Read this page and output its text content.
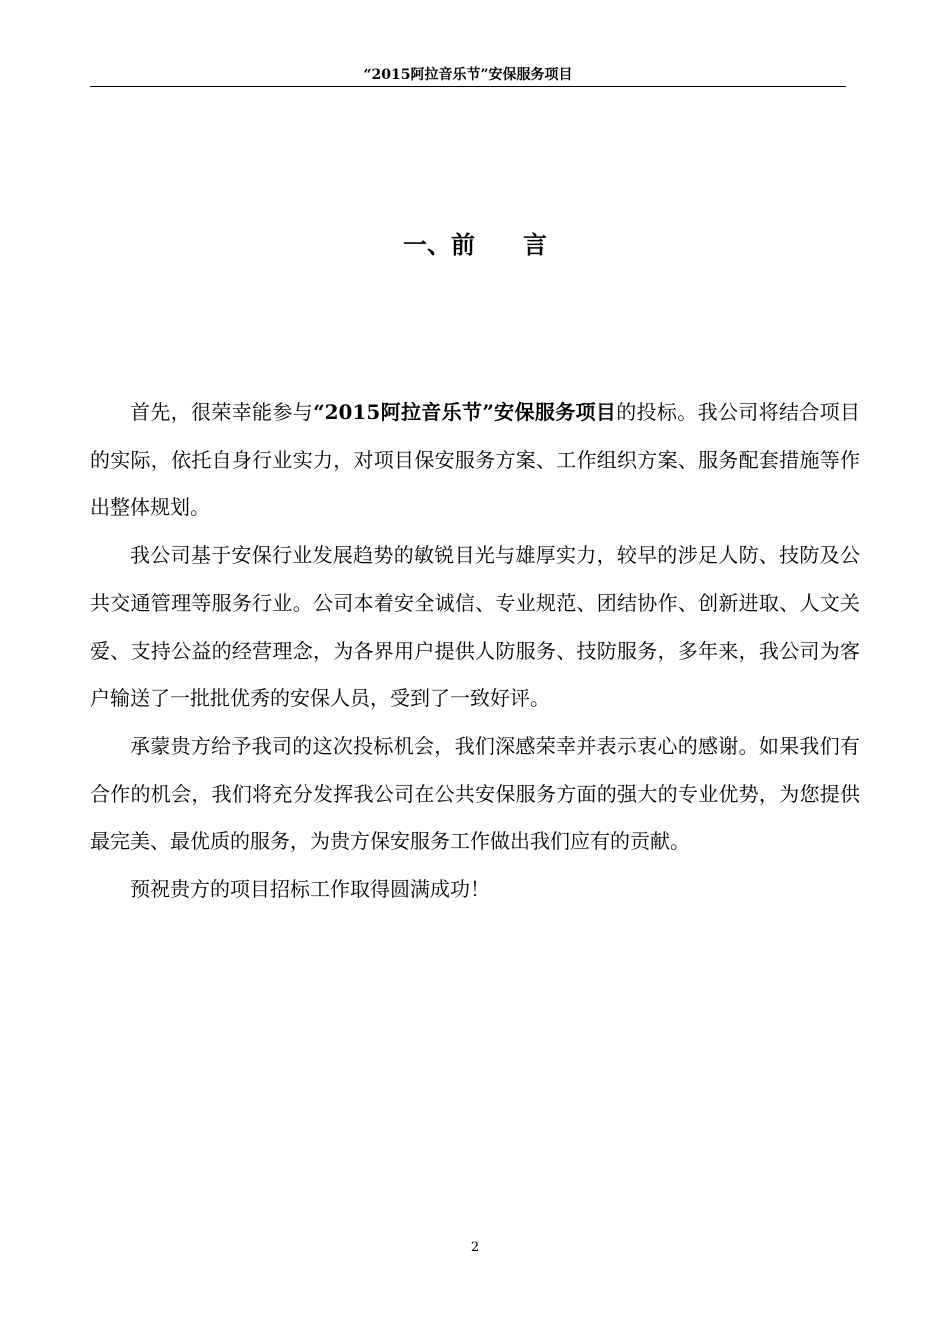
“2015阿拉音乐节”安保服务项目
一、前　　言

首先，很荣幸能参与“2015阿拉音乐节”安保服务项目的投标。我公司将结合项目的实际，依托自身行业实力，对项目保安服务方案、工作组织方案、服务配套措施等作出整体规划。

我公司基于安保行业发展趋势的敏锐目光与雄厚实力，较早的涉足人防、技防及公共交通管理等服务行业。公司本着安全诚信、专业规范、团结协作、创新进取、人文关爱、支持公益的经营理念，为各界用户提供人防服务、技防服务，多年来，我公司为客户输送了一批批优秀的安保人员，受到了一致好评。

承蒙贵方给予我司的这次投标机会，我们深感荣幸并表示衷心的感谢。如果我们有合作的机会，我们将充分发挥我公司在公共安保服务方面的强大的专业优势，为您提供最完美、最优质的服务，为贵方保安服务工作做出我们应有的贡献。

预祝贵方的项目招标工作取得圆满成功！

2
